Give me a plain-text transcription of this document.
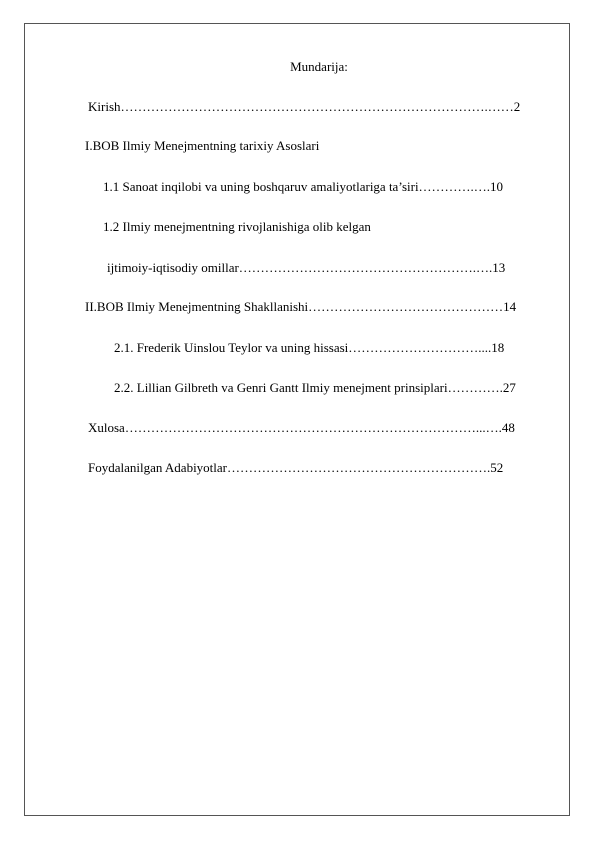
Mundarija:
Kirish………………………………………………………………………….……2
I.BOB Ilmiy Menejmentning tarixiy Asoslari
1.1 Sanoat inqilobi va uning boshqaruv amaliyotlariga ta’siri………….….10
1.2 Ilmiy menejmentning rivojlanishiga olib kelgan
ijtimoiy-iqtisodiy omillar……………………………………………….….13
II.BOB Ilmiy Menejmentning Shakllanishi………………………………………14
2.1. Frederik Uinslou Teylor va uning hissasi…………………………....18
2.2. Lillian Gilbreth va Genri Gantt Ilmiy menejment prinsiplari………….27
Xulosa………………………………………………………………………...….48
Foydalanilgan Adabiyotlar…………………………………………………….52
